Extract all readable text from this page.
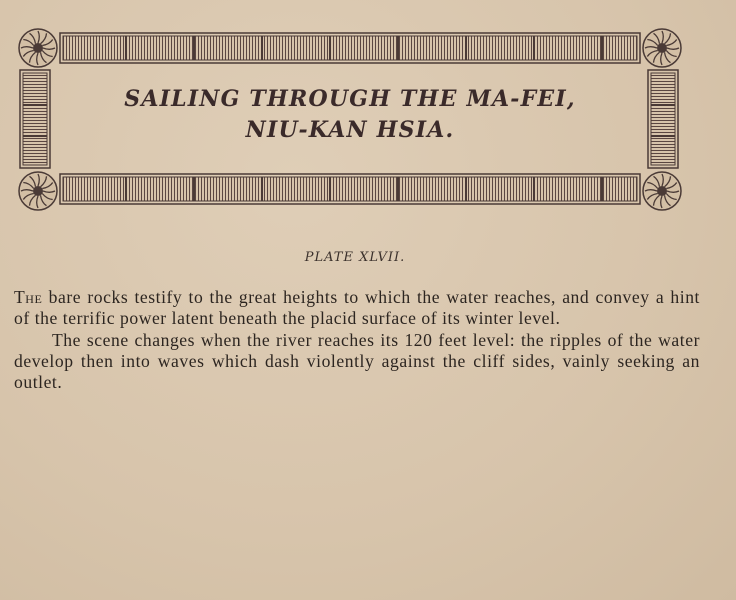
SAILING THROUGH THE MA-FEI,
NIU-KAN HSIA.
PLATE XLVII.

The bare rocks testify to the great heights to which the water reaches, and convey a hint of the terrific power latent beneath the placid surface of its winter level.

The scene changes when the river reaches its 120 feet level: the ripples of the water develop then into waves which dash violently against the cliff sides, vainly seeking an outlet.
